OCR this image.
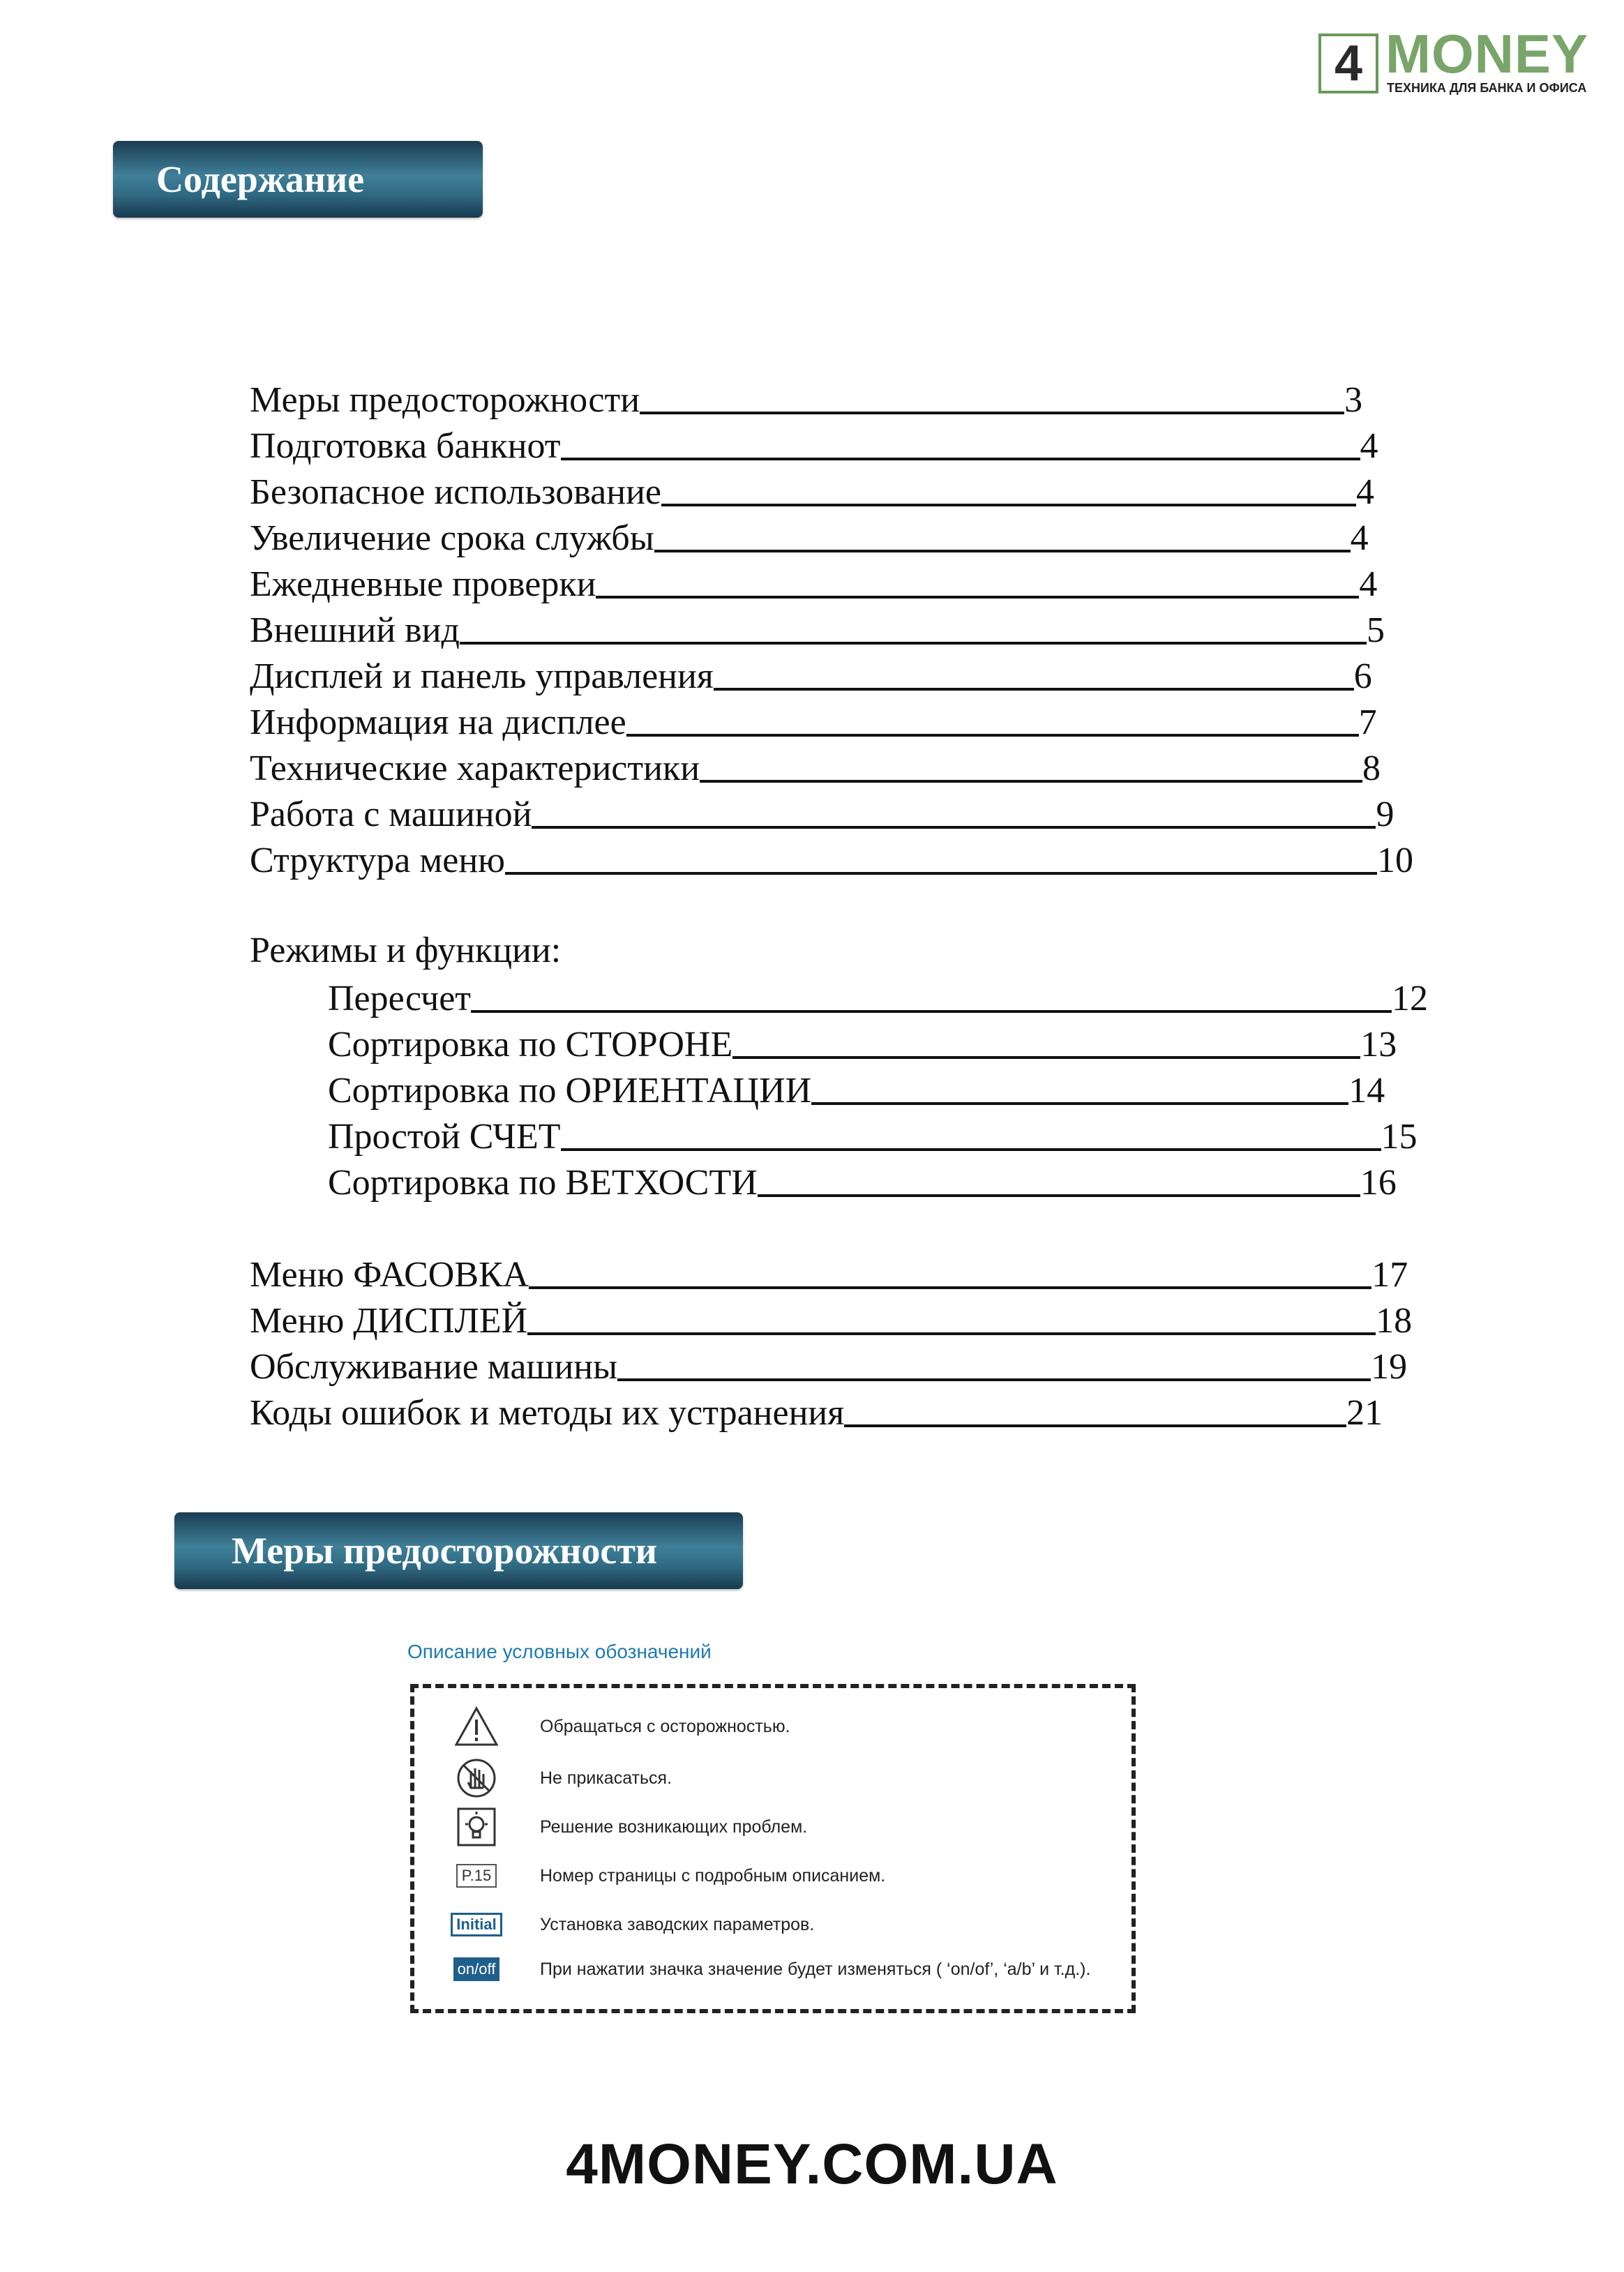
4 MONEY
ТЕХНИКА ДЛЯ БАНКА И ОФИСА
Содержание
Меры предосторожности	3
Подготовка банкнот	4
Безопасное использование	4
Увеличение срока службы	4
Ежедневные проверки	4
Внешний вид	5
Дисплей и панель управления	6
Информация на дисплее	7
Технические характеристики	8
Работа с машиной	9
Структура меню	10
Режимы и функции:
Пересчет	12
Сортировка по СТОРОНЕ	13
Сортировка по ОРИЕНТАЦИИ	14
Простой СЧЕТ	15
Сортировка по ВЕТХОСТИ	16
Меню ФАСОВКА	17
Меню ДИСПЛЕЙ	18
Обслуживание машины	19
Коды ошибок и методы их устранения	21
Меры предосторожности
Описание условных обозначений
Обращаться с осторожностью.
Не прикасаться.
Решение возникающих проблем.
P.15	Номер страницы с подробным описанием.
Initial	Установка заводских параметров.
on/off	При нажатии значка значение будет изменяться ( ‘on/of’, ‘a/b’ и т.д.).
4MONEY.COM.UA
